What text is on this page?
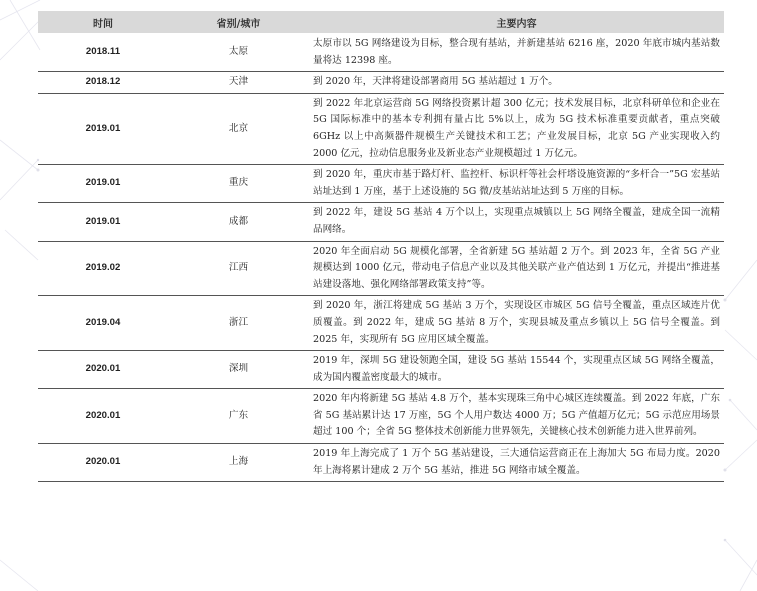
时间	省别/城市	主要内容
2018.11	太原	太原市以 5G 网络建设为目标，整合现有基站，并新建基站 6216 座，2020 年底市城内基站数量将达 12398 座。
2018.12	天津	到 2020 年，天津将建设部署商用 5G 基站超过 1 万个。
2019.01	北京	到 2022 年北京运营商 5G 网络投资累计超 300 亿元；技术发展目标，北京科研单位和企业在 5G 国际标准中的基本专利拥有量占比 5%以上，成为 5G 技术标准重要贡献者，重点突破 6GHz 以上中高频器件规模生产关键技术和工艺；产业发展目标，北京 5G 产业实现收入约 2000 亿元，拉动信息服务业及新业态产业规模超过 1 万亿元。
2019.01	重庆	到 2020 年，重庆市基于路灯杆、监控杆、标识杆等社会杆塔设施资源的“多杆合一”5G 宏基站站址达到 1 万座，基于上述设施的 5G 微/皮基站站址达到 5 万座的目标。
2019.01	成都	到 2022 年，建设 5G 基站 4 万个以上，实现重点城镇以上 5G 网络全覆盖，建成全国一流精品网络。
2019.02	江西	2020 年全面启动 5G 规模化部署，全省新建 5G 基站超 2 万个。到 2023 年，全省 5G 产业规模达到 1000 亿元，带动电子信息产业以及其他关联产业产值达到 1 万亿元，并提出“推进基站建设落地、强化网络部署政策支持”等。
2019.04	浙江	到 2020 年，浙江将建成 5G 基站 3 万个，实现设区市城区 5G 信号全覆盖，重点区域连片优质覆盖。到 2022 年，建成 5G 基站 8 万个，实现县城及重点乡镇以上 5G 信号全覆盖。到 2025 年，实现所有 5G 应用区域全覆盖。
2020.01	深圳	2019 年，深圳 5G 建设领跑全国，建设 5G 基站 15544 个，实现重点区域 5G 网络全覆盖，成为国内覆盖密度最大的城市。
2020.01	广东	2020 年内将新建 5G 基站 4.8 万个，基本实现珠三角中心城区连续覆盖。到 2022 年底，广东省 5G 基站累计达 17 万座，5G 个人用户数达 4000 万；5G 产值超万亿元；5G 示范应用场景超过 100 个；全省 5G 整体技术创新能力世界领先，关键核心技术创新能力进入世界前列。
2020.01	上海	2019 年上海完成了 1 万个 5G 基站建设，三大通信运营商正在上海加大 5G 布局力度。2020 年上海将累计建成 2 万个 5G 基站，推进 5G 网络市域全覆盖。
